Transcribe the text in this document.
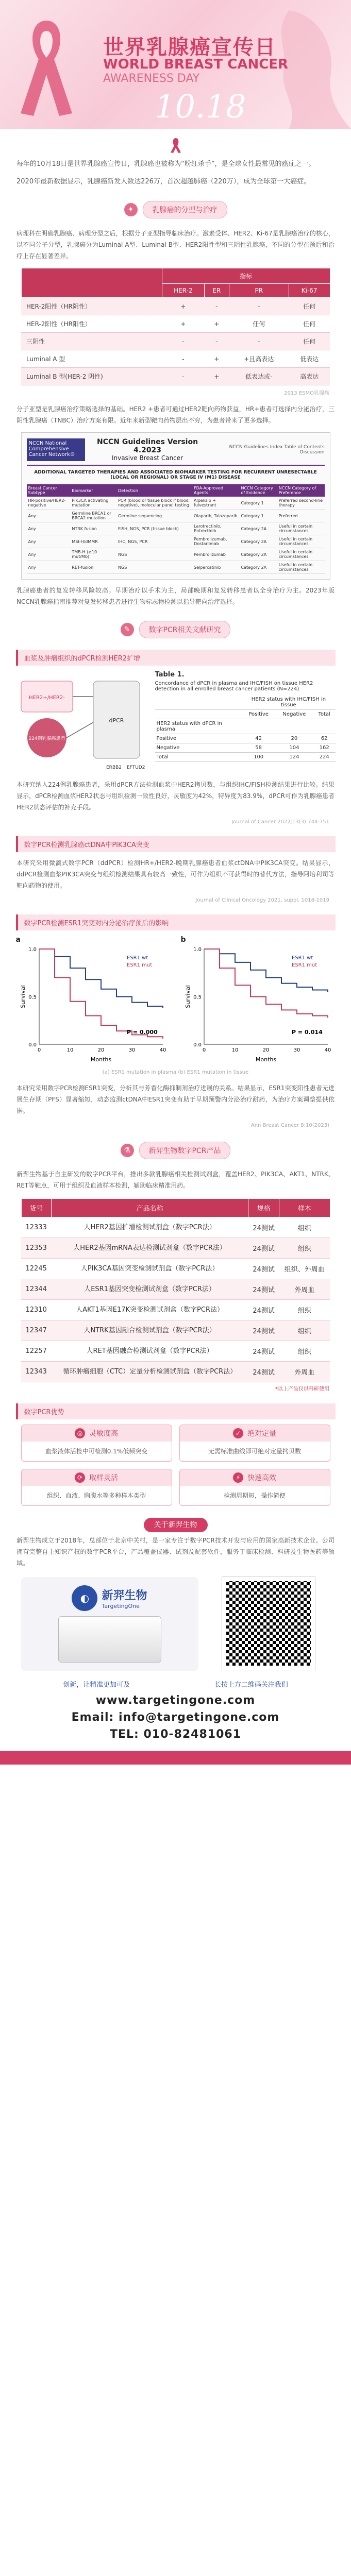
世界乳腺癌宣传日
WORLD BREAST CANCER
AWARENESS DAY
10.18

每年的10月18日是世界乳腺癌宣传日，乳腺癌也被称为“粉红杀手”，是全球女性最常见的癌症之一。

2020年最新数据显示，乳腺癌新发人数达226万，首次超越肺癌（220万），成为全球第一大癌症。

✦	乳腺癌的分型与治疗

病理科在明确乳腺癌、病理分型之后，根据分子亚型指导临床治疗。激素受体、HER2、Ki-67是乳腺癌治疗的核心，以不同分子分型，乳腺癌分为Luminal A型、Luminal B型、HER2阳性型和三阴性乳腺癌，不同的分型在预后和治疗上存在显著差异。

	指标			
	HER-2	ER	PR	Ki-67
HER-2阳性（HR阴性）	+	-	-	任何
HER-2阳性（HR阳性）	+	+	任何	任何
三阴性	-	-	-	任何
Luminal A 型	-	+	+且高表达	低表达
Luminal B 型(HER-2 阴性)	-	+	低表达或-	高表达
2013 ESMO乳腺癌

分子亚型是乳腺癌治疗策略选择的基础。HER2 +患者可通过HER2靶向药物获益，HR+患者可选择内分泌治疗，三阴性乳腺癌（TNBC）治疗方案有限。近年来新型靶向药物层出不穷，为患者带来了更多选择。

NCCN National Comprehensive Cancer Network®
NCCN Guidelines Version 4.2023
Invasive Breast Cancer
NCCN Guidelines Index Table of Contents Discussion
ADDITIONAL TARGETED THERAPIES AND ASSOCIATED BIOMARKER TESTING FOR RECURRENT UNRESECTABLE (LOCAL OR REGIONAL) OR STAGE IV (M1) DISEASE
Breast Cancer Subtype	Biomarker	Detection	FDA-Approved Agents	NCCN Category of Evidence	NCCN Category of Preference
HR-positive/HER2-negative	PIK3CA activating mutation	PCR (blood or tissue block if blood negative), molecular panel testing	Alpelisib + fulvestrant	Category 1	Preferred second-line therapy
Any	Germline BRCA1 or BRCA2 mutation	Germline sequencing	Olaparib, Talazoparib	Category 1	Preferred
Any	NTRK fusion	FISH, NGS, PCR (tissue block)	Larotrectinib, Entrectinib	Category 2A	Useful in certain circumstances
Any	MSI-H/dMMR	IHC, NGS, PCR	Pembrolizumab, Dostarlimab	Category 2A	Useful in certain circumstances
Any	TMB-H (≥10 mut/Mb)	NGS	Pembrolizumab	Category 2A	Useful in certain circumstances
Any	RET-fusion	NGS	Selpercatinib	Category 2A	Useful in certain circumstances

乳腺癌患者的复发转移风险较高。早期治疗以手术为主，局部晚期和复发转移患者以全身治疗为主。2023年版NCCN乳腺癌指南推荐对复发转移患者进行生物标志物检测以指导靶向治疗选择。

✎	数字PCR相关文献研究
血浆及肿瘤组织的dPCR检测HER2扩增
HER2+/HER2-
dPCR
224例乳腺癌患者
ERBB2 EFTUD2
Table 1.
Concordance of dPCR in plasma and IHC/FISH on tissue HER2 detection in all enrolled breast cancer patients (N=224)
	HER2 status with IHC/FISH in tissue		
	Positive	Negative	Total
HER2 status with dPCR in plasma			
Positive	42	20	62
Negative	58	104	162
Total	100	124	224

本研究纳入224例乳腺癌患者，采用dPCR方法检测血浆中HER2拷贝数，与组织IHC/FISH检测结果进行比较。结果显示，dPCR检测血浆HER2状态与组织检测一致性良好，灵敏度为42%，特异度为83.9%，dPCR可作为乳腺癌患者HER2状态评估的补充手段。

Journal of Cancer 2022;13(3):744-751
数字PCR检测乳腺癌ctDNA中PIK3CA突变

本研究采用微滴式数字PCR（ddPCR）检测HR+/HER2-晚期乳腺癌患者血浆ctDNA中PIK3CA突变。结果显示，ddPCR检测血浆PIK3CA突变与组织检测结果具有较高一致性，可作为组织不可获得时的替代方法，指导阿培利司等靶向药物的使用。

Journal of Clinical Oncology 2021, suppl, 1018-1019
数字PCR检测ESR1突变对内分泌治疗预后的影响
a
0.0
0.5
1.0
0	10	20	30	40
Months
Survival
ESR1 wt
ESR1 mut
P = 0.000
b
0.0
0.5
1.0
0	10	20	30	40
Months
Survival
ESR1 wt
ESR1 mut
P = 0.014
(a) ESR1 mutation in plasma (b) ESR1 mutation in tissue

本研究采用数字PCR检测ESR1突变，分析其与芳香化酶抑制剂治疗进展的关系。结果显示，ESR1突变阳性患者无进展生存期（PFS）显著缩短，动态监测ctDNA中ESR1突变有助于早期预警内分泌治疗耐药，为治疗方案调整提供依据。

Ann Breast Cancer 8;10(2023)
⚗	新羿生物数字PCR产品

新羿生物基于自主研发的数字PCR平台，推出多款乳腺癌相关检测试剂盒，覆盖HER2、PIK3CA、AKT1、NTRK、RET等靶点，可用于组织及血液样本检测，辅助临床精准用药。

货号	产品名称	规格	样本
12333	人HER2基因扩增检测试剂盒（数字PCR法）	24测试	组织
12353	人HER2基因mRNA表达检测试剂盒（数字PCR法）	24测试	组织
12245	人PIK3CA基因突变检测试剂盒（数字PCR法）	24测试	组织、外周血
12344	人ESR1基因突变检测试剂盒（数字PCR法）	24测试	外周血
12310	人AKT1基因E17K突变检测试剂盒（数字PCR法）	24测试	组织
12347	人NTRK基因融合检测试剂盒（数字PCR法）	24测试	组织
12257	人RET基因融合检测试剂盒（数字PCR法）	24测试	组织
12343	循环肿瘤细胞（CTC）定量分析检测试剂盒（数字PCR法）	24测试	外周血
*以上产品仅供科研使用
数字PCR优势
◎ 灵敏度高
血浆液体活检中可检测0.1%低频突变
✓ 绝对定量
无需标准曲线即可绝对定量拷贝数
⟳ 取样灵活
组织、血液、胸腹水等多种样本类型
⚡ 快速高效
检测周期短，操作简便
关于新羿生物

新羿生物成立于2018年，总部位于北京中关村，是一家专注于数字PCR技术开发与应用的国家高新技术企业。公司拥有完整自主知识产权的数字PCR平台，产品覆盖仪器、试剂及配套软件，服务于临床检测、科研及生物医药等领域。

◐	新羿生物
TargetingOne
创新，让精准更加可及	长按上方二维码关注我们
www.targetingone.com
Email: info@targetingone.com
TEL: 010-82481061
